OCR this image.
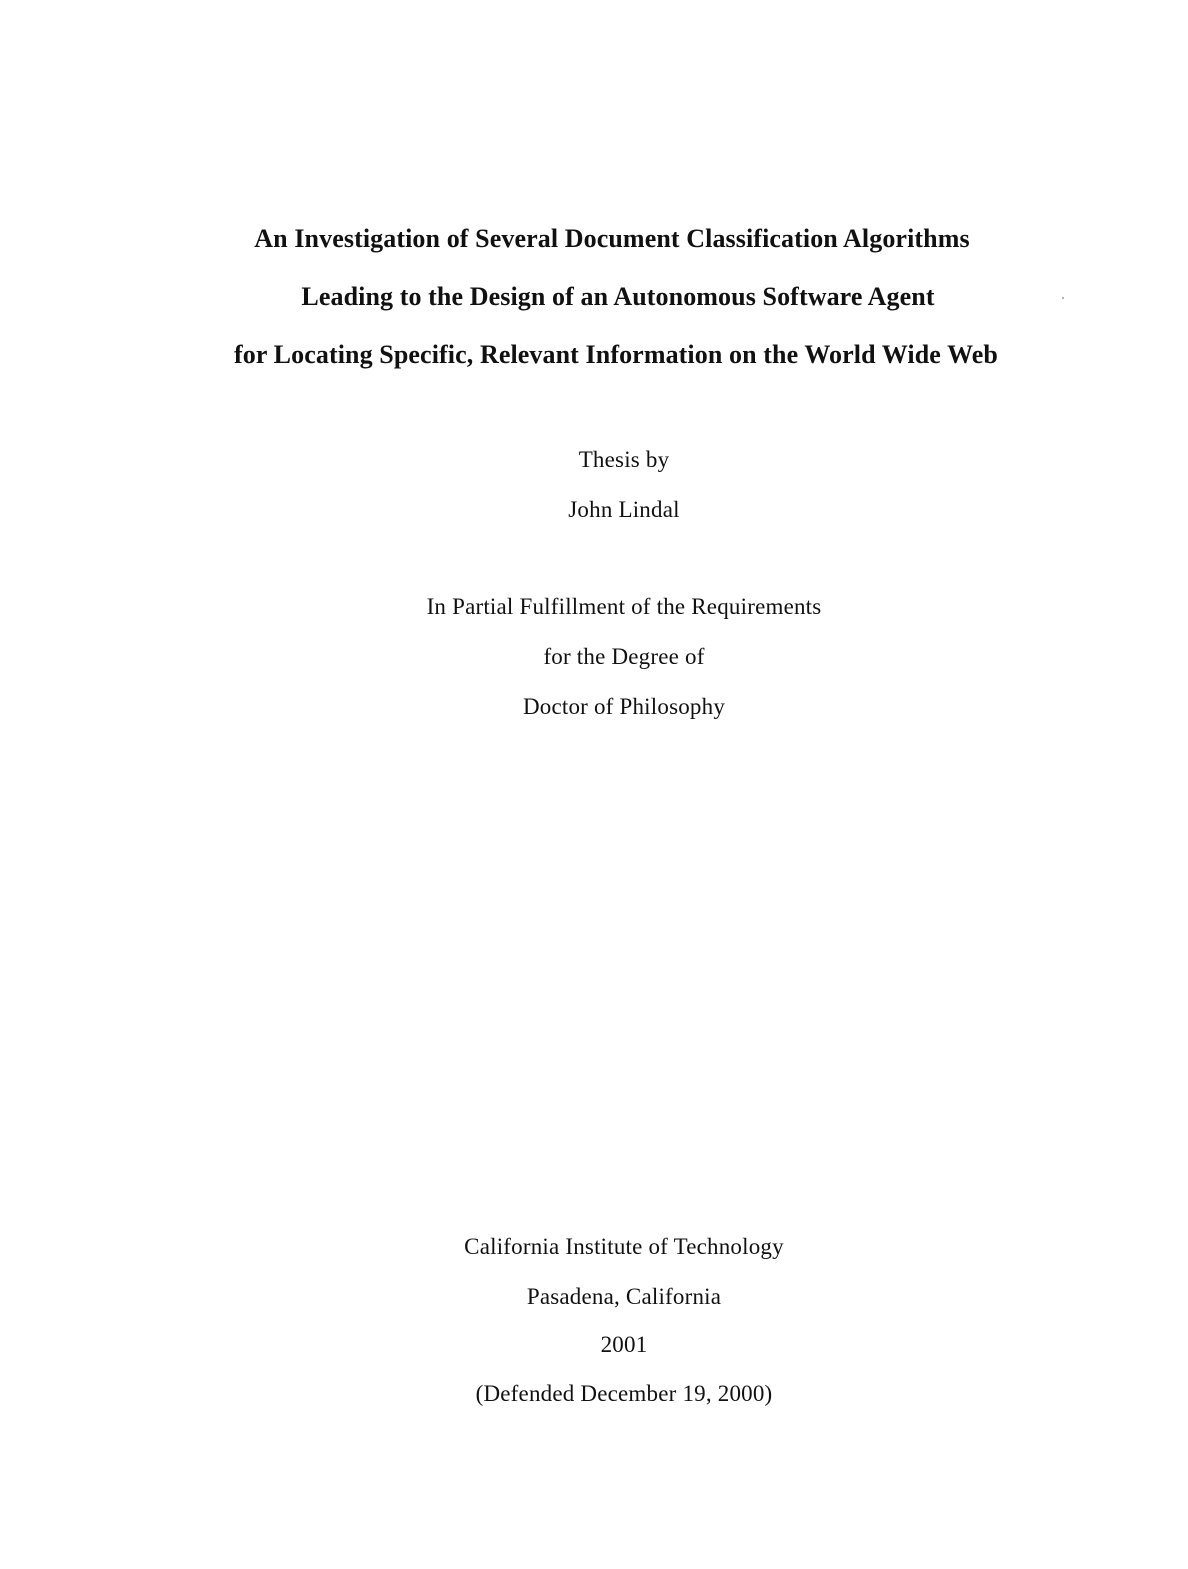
An Investigation of Several Document Classification Algorithms
Leading to the Design of an Autonomous Software Agent
for Locating Specific, Relevant Information on the World Wide Web
Thesis by
John Lindal
In Partial Fulfillment of the Requirements
for the Degree of
Doctor of Philosophy
California Institute of Technology
Pasadena, California
2001
(Defended December 19, 2000)
